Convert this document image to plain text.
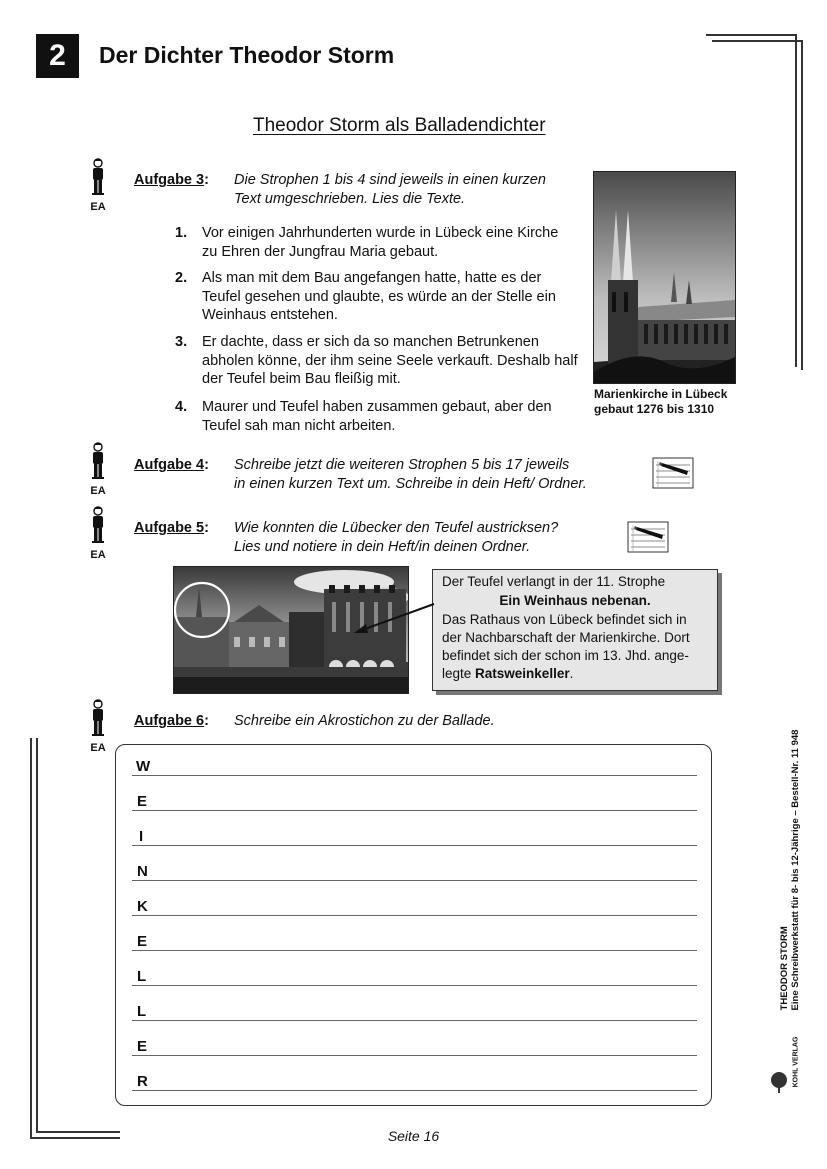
2	Der Dichter Theodor Storm
Theodor Storm als Balladendichter
EA
EA
EA
EA
Aufgabe 3: Die Strophen 1 bis 4 sind jeweils in einen kurzen
Text umgeschrieben. Lies die Texte.
1. Vor einigen Jahrhunderten wurde in Lübeck eine Kirche zu Ehren der Jungfrau Maria gebaut.
2. Als man mit dem Bau angefangen hatte, hatte es der Teufel gesehen und glaubte, es würde an der Stelle ein Weinhaus entstehen.
3. Er dachte, dass er sich da so manchen Betrunkenen abholen könne, der ihm seine Seele verkauft. Deshalb half der Teufel beim Bau fleißig mit.
4. Maurer und Teufel haben zusammen gebaut, aber den Teufel sah man nicht arbeiten.
Marienkirche in Lübeck
gebaut 1276 bis 1310
Aufgabe 4: Schreibe jetzt die weiteren Strophen 5 bis 17 jeweils
in einen kurzen Text um. Schreibe in dein Heft/ Ordner.
Aufgabe 5: Wie konnten die Lübecker den Teufel austricksen?
Lies und notiere in dein Heft/in deinen Ordner.
Der Teufel verlangt in der 11. Strophe
Ein Weinhaus nebenan.
Das Rathaus von Lübeck befindet sich in der Nachbarschaft der Marienkirche. Dort befindet sich der schon im 13. Jhd. ange-legte Ratsweinkeller.
Aufgabe 6: Schreibe ein Akrostichon zu der Ballade.
W
E
I
N
K
E
L
L
E
R
THEODOR STORM Eine Schreibwerkstatt für 8- bis 12-Jährige – Bestell-Nr. 11 948
KOHL VERLAG
Seite 16
